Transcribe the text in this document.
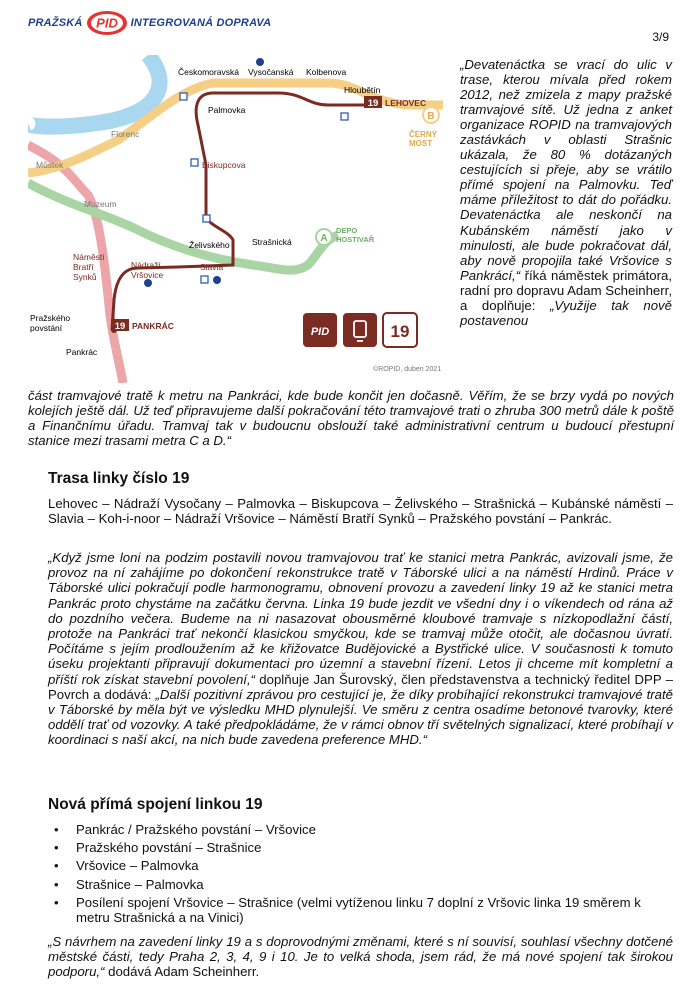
PRAŽSKÁ PID INTEGROVANÁ DOPRAVA
3/9
A
B
Českomoravská Vysočanská Kolbenova
Hloubětín
19 LEHOVEC
Palmovka
Florenc	ČERNÝ
MOST
Můstek	Biskupcova
Muzeum
Želivského	Strašnická
DEPO
HOSTIVAŘ
Náměstí
Bratří
Synků
Nádraží
Vršovice
Slavia
Pražského
povstání	19 PANKRÁC
Pankrác
PID	19
©ROPID, duben 2021
„Devatenáctka se vrací do ulic v trase, kterou mívala před rokem 2012, než zmizela z mapy pražské tramvajové sítě. Už jedna z anket organizace ROPID na tramvajových zastávkách v oblasti Strašnic ukázala, že 80 % dotázaných cestujících si přeje, aby se vrátilo přímé spojení na Palmovku. Teď máme příležitost to dát do pořádku. Devatenáctka ale neskončí na Kubánském náměstí jako v minulosti, ale bude pokračovat dál, aby nově propojila také Vršovice s Pankrácí,“ říká náměstek primátora, radní pro dopravu Adam Scheinherr, a doplňuje: „Využije tak nově postavenou
část tramvajové tratě k metru na Pankráci, kde bude končit jen dočasně. Věřím, že se brzy vydá po nových kolejích ještě dál. Už teď připravujeme další pokračování této tramvajové trati o zhruba 300 metrů dále k poště a Finančnímu úřadu. Tramvaj tak v budoucnu obslouží také administrativní centrum u budoucí přestupní stanice mezi trasami metra C a D.“
Trasa linky číslo 19
Lehovec – Nádraží Vysočany – Palmovka – Biskupcova – Želivského – Strašnická – Kubánské náměstí – Slavia – Koh-i-noor – Nádraží Vršovice – Náměstí Bratří Synků – Pražského povstání – Pankrác.
„Když jsme loni na podzim postavili novou tramvajovou trať ke stanici metra Pankrác, avizovali jsme, že provoz na ní zahájíme po dokončení rekonstrukce tratě v Táborské ulici a na náměstí Hrdinů. Práce v Táborské ulici pokračují podle harmonogramu, obnovení provozu a zavedení linky 19 až ke stanici metra Pankrác proto chystáme na začátku června. Linka 19 bude jezdit ve všední dny i o víkendech od rána až do pozdního večera. Budeme na ni nasazovat obousměrné kloubové tramvaje s nízkopodlažní částí, protože na Pankráci trať nekončí klasickou smyčkou, kde se tramvaj může otočit, ale dočasnou úvratí. Počítáme s jejím prodloužením až ke křižovatce Budějovické a Bystřické ulice. V současnosti k tomuto úseku projektanti připravují dokumentaci pro územní a stavební řízení. Letos ji chceme mít kompletní a příští rok získat stavební povolení,“ doplňuje Jan Šurovský, člen představenstva a technický ředitel DPP – Povrch a dodává: „Další pozitivní zprávou pro cestující je, že díky probíhající rekonstrukci tramvajové tratě v Táborské by měla být ve výsledku MHD plynulejší. Ve směru z centra osadíme betonové tvarovky, které oddělí trať od vozovky. A také předpokládáme, že v rámci obnov tří světelných signalizací, které probíhají v koordinaci s naší akcí, na nich bude zavedena preference MHD.“
Nová přímá spojení linkou 19
• Pankrác / Pražského povstání – Vršovice
• Pražského povstání – Strašnice
• Vršovice – Palmovka
• Strašnice – Palmovka
• Posílení spojení Vršovice – Strašnice (velmi vytíženou linku 7 doplní z Vršovic linka 19 směrem k metru Strašnická a na Vinici)
„S návrhem na zavedení linky 19 a s doprovodnými změnami, které s ní souvisí, souhlasí všechny dotčené městské části, tedy Praha 2, 3, 4, 9 i 10. Je to velká shoda, jsem rád, že má nové spojení tak širokou podporu,“ dodává Adam Scheinherr.
